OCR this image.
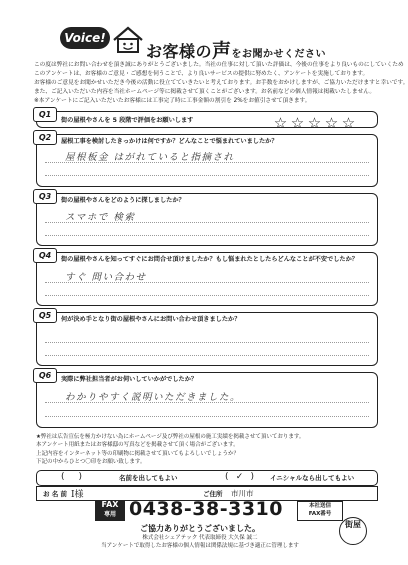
Voice!
お客様の声をお聞かせください

この度は弊社にお問い合わせを頂き誠にありがとうございました。当社の仕事に対して頂いた評価は、今後の仕事をより良いものにしていくため

このアンケートは、お客様のご意見・ご感想を伺うことで、より良いサービスの提供に努めたく、アンケートを実施しております。

お客様のご意見をお聞かせいただき今後の活動に役立てていきたいと考えております。お手数をおかけしますが、ご協力いただけますと幸いです。

また、ご記入いただいた内容を当社ホームページ等に掲載させて頂くことがございます。お名前などの個人情報は掲載いたしません。

※本アンケートにご記入いただいたお客様には工事完了時に工事金額の割引を 2%をお値引させて頂きます。

Q1
街の屋根やさんを 5 段階で評価をお願いします	☆ ☆ ☆ ☆ ☆
Q2	屋根工事を検討したきっかけは何ですか？どんなことで悩まれていましたか？
屋根板金 はがれていると指摘され
Q3	街の屋根やさんをどのように探しましたか？
スマホで 検索
Q4	街の屋根やさんを知ってすぐにお問合せ頂けましたか？もし悩まれたとしたらどんなことが不安でしたか？
すぐ 問い合わせ
Q5	何が決め手となり街の屋根やさんにお問い合わせ頂きましたか？
Q6	実際に弊社担当者がお伺いしていかがでしたか？
わかりやすく説明いただきました。

★弊社は広告宣伝を極力かけない為にホームページ及び弊社の屋根の施工実績を掲載させて頂いております。

本アンケート用紙またはお客様邸の写真などを掲載させて頂く場合がございます。

上記内容をインターネット等の印刷物に掲載させて頂いてもよろしいでしょうか？

下記の中からひとつ〇印をお願い致します。

( )	名前を出してもよい	( ✓ ) イニシャルなら出してもよい
お 名 前 I様	ご住所 市川市
FAX
専用 0438-38-3310	本社送信
FAX番号
ご協力ありがとうございました。

株式会社シェアテック 代表取締役 大久保 誠二

当アンケートで取得したお客様の個人情報は関係法規に基づき適正に管理します

街屋
